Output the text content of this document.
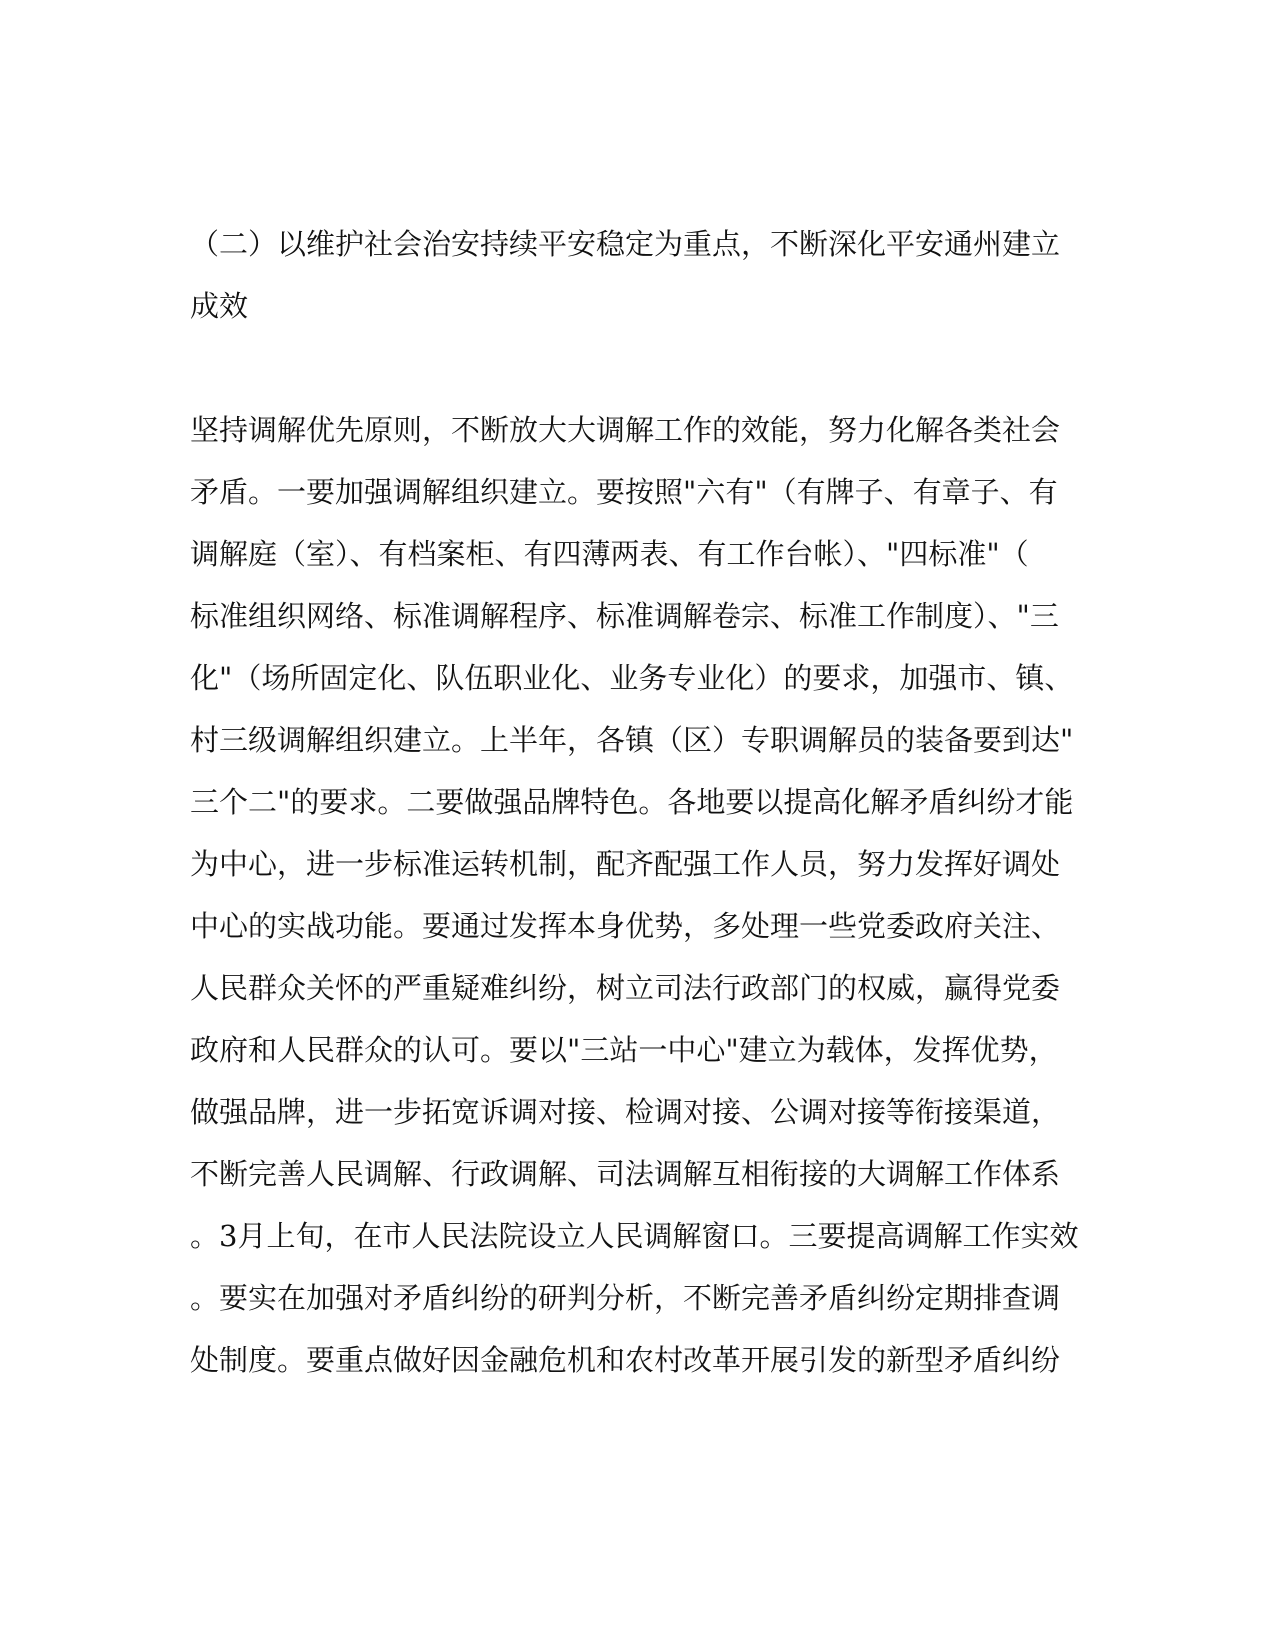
（二）以维护社会治安持续平安稳定为重点，不断深化平安通州建立
成效
坚持调解优先原则，不断放大大调解工作的效能，努力化解各类社会
矛盾。一要加强调解组织建立。要按照"六有"（有牌子、有章子、有
调解庭（室）、有档案柜、有四薄两表、有工作台帐）、"四标准"（
标准组织网络、标准调解程序、标准调解卷宗、标准工作制度）、"三
化"（场所固定化、队伍职业化、业务专业化）的要求，加强市、镇、
村三级调解组织建立。上半年，各镇（区）专职调解员的装备要到达"
三个二"的要求。二要做强品牌特色。各地要以提高化解矛盾纠纷才能
为中心，进一步标准运转机制，配齐配强工作人员，努力发挥好调处
中心的实战功能。要通过发挥本身优势，多处理一些党委政府关注、
人民群众关怀的严重疑难纠纷，树立司法行政部门的权威，赢得党委
政府和人民群众的认可。要以"三站一中心"建立为载体，发挥优势，
做强品牌，进一步拓宽诉调对接、检调对接、公调对接等衔接渠道，
不断完善人民调解、行政调解、司法调解互相衔接的大调解工作体系
。3月上旬，在市人民法院设立人民调解窗口。三要提高调解工作实效
。要实在加强对矛盾纠纷的研判分析，不断完善矛盾纠纷定期排查调
处制度。要重点做好因金融危机和农村改革开展引发的新型矛盾纠纷
